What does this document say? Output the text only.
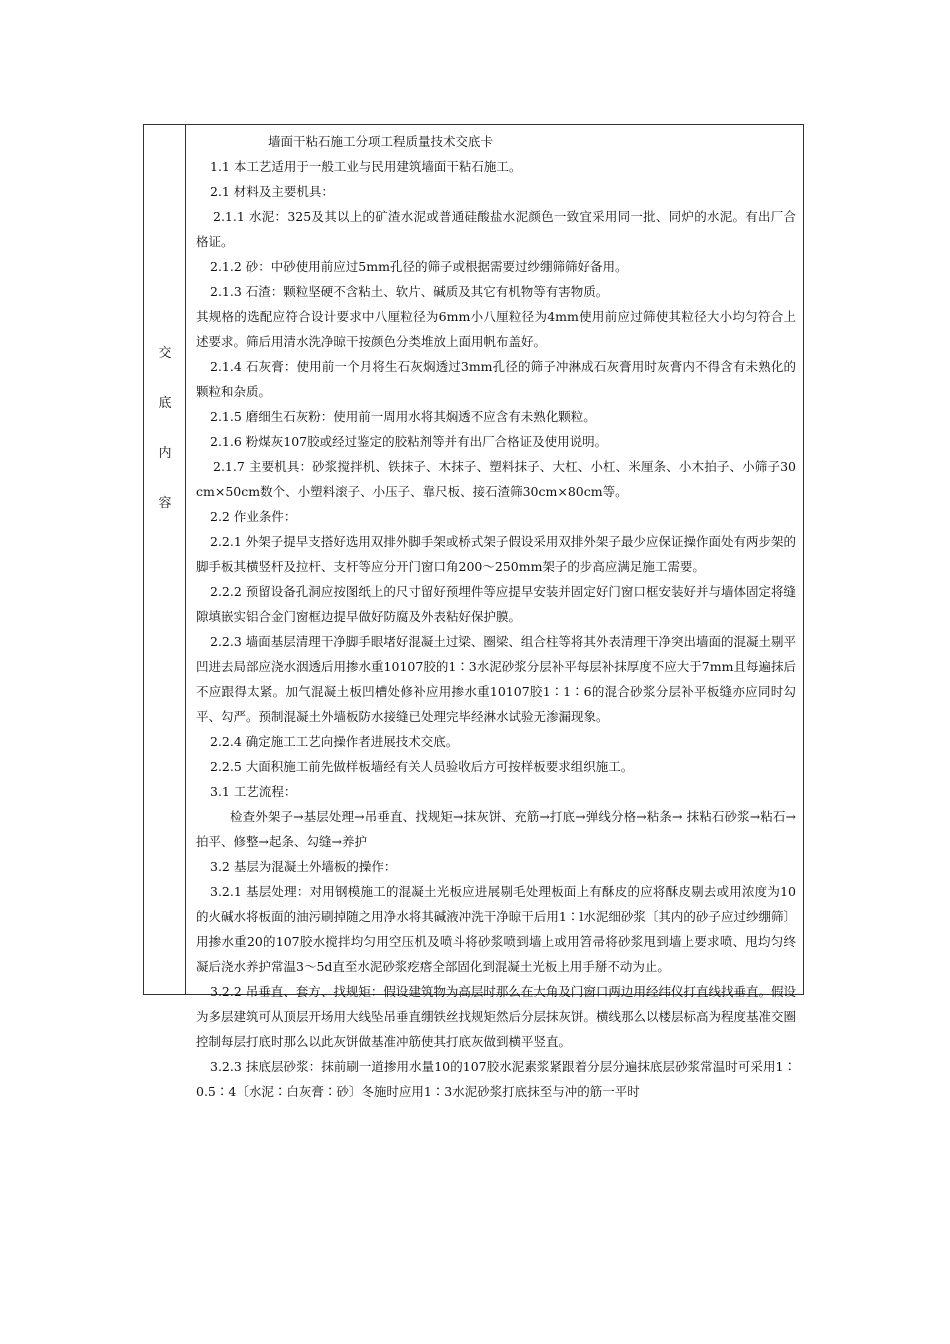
交
底
内
容

墙面干粘石施工分项工程质量技术交底卡

1.1 本工艺适用于一般工业与民用建筑墙面干粘石施工。

2.1 材料及主要机具：

2.1.1 水泥：325及其以上的矿渣水泥或普通硅酸盐水泥颜色一致宜采用同一批、同炉的水泥。有出厂合格证。

2.1.2 砂：中砂使用前应过5mm孔径的筛子或根据需要过纱绷筛筛好备用。

2.1.3 石渣：颗粒坚硬不含粘土、软片、碱质及其它有机物等有害物质。

其规格的选配应符合设计要求中八厘粒径为6mm小八厘粒径为4mm使用前应过筛使其粒径大小均匀符合上述要求。筛后用清水洗净晾干按颜色分类堆放上面用帆布盖好。

2.1.4 石灰膏：使用前一个月将生石灰焖透过3mm孔径的筛子冲淋成石灰膏用时灰膏内不得含有未熟化的颗粒和杂质。

2.1.5 磨细生石灰粉：使用前一周用水将其焖透不应含有未熟化颗粒。

2.1.6 粉煤灰107胶或经过鉴定的胶粘剂等并有出厂合格证及使用说明。

2.1.7 主要机具：砂浆搅拌机、铁抹子、木抹子、塑料抹子、大杠、小杠、米厘条、小木拍子、小筛子30cm×50cm数个、小塑料滚子、小压子、靠尺板、接石渣筛30cm×80cm等。

2.2 作业条件：

2.2.1 外架子提早支搭好选用双排外脚手架或桥式架子假设采用双排外架子最少应保证操作面处有两步架的脚手板其横竖杆及拉杆、支杆等应分开门窗口角200～250mm架子的步高应满足施工需要。

2.2.2 预留设备孔洞应按图纸上的尺寸留好预埋件等应提早安装并固定好门窗口框安装好并与墙体固定将缝隙填嵌实铝合金门窗框边提早做好防腐及外表粘好保护膜。

2.2.3 墙面基层清理干净脚手眼堵好混凝土过梁、圈梁、组合柱等将其外表清理干净突出墙面的混凝土剔平凹进去局部应浇水洇透后用掺水重10107胶的1∶3水泥砂浆分层补平每层补抹厚度不应大于7mm且每遍抹后不应跟得太紧。加气混凝土板凹槽处修补应用掺水重10107胶1∶1∶6的混合砂浆分层补平板缝亦应同时勾平、勾严。预制混凝土外墙板防水接缝已处理完毕经淋水试验无渗漏现象。

2.2.4 确定施工工艺向操作者进展技术交底。

2.2.5 大面积施工前先做样板墙经有关人员验收后方可按样板要求组织施工。

3.1 工艺流程：

检查外架子→基层处理→吊垂直、找规矩→抹灰饼、充筋→打底→弹线分格→粘条→ 抹粘石砂浆→粘石→拍平、修整→起条、勾缝→养护

3.2 基层为混凝土外墙板的操作：

3.2.1 基层处理：对用钢模施工的混凝土光板应进展剔毛处理板面上有酥皮的应将酥皮剔去或用浓度为10的火碱水将板面的油污刷掉随之用净水将其碱液冲洗干净晾干后用1∶l水泥细砂浆〔其内的砂子应过纱绷筛〕用掺水重20的107胶水搅拌均匀用空压机及喷斗将砂浆喷到墙上或用笤帚将砂浆甩到墙上要求喷、甩均匀终凝后浇水养护常温3～5d直至水泥砂浆疙瘩全部固化到混凝土光板上用手掰不动为止。

3.2.2 吊垂直、套方、找规矩：假设建筑物为高层时那么在大角及门窗口两边用经纬仪打直线找垂直。假设为多层建筑可从顶层开场用大线坠吊垂直绷铁丝找规矩然后分层抹灰饼。横线那么以楼层标高为程度基准交圈控制每层打底时那么以此灰饼做基准冲筋使其打底灰做到横平竖直。

3.2.3 抹底层砂浆：抹前刷一道掺用水量10的107胶水泥素浆紧跟着分层分遍抹底层砂浆常温时可采用1∶0.5∶4〔水泥∶白灰膏∶砂〕冬施时应用1∶3水泥砂浆打底抹至与冲的筋一平时
